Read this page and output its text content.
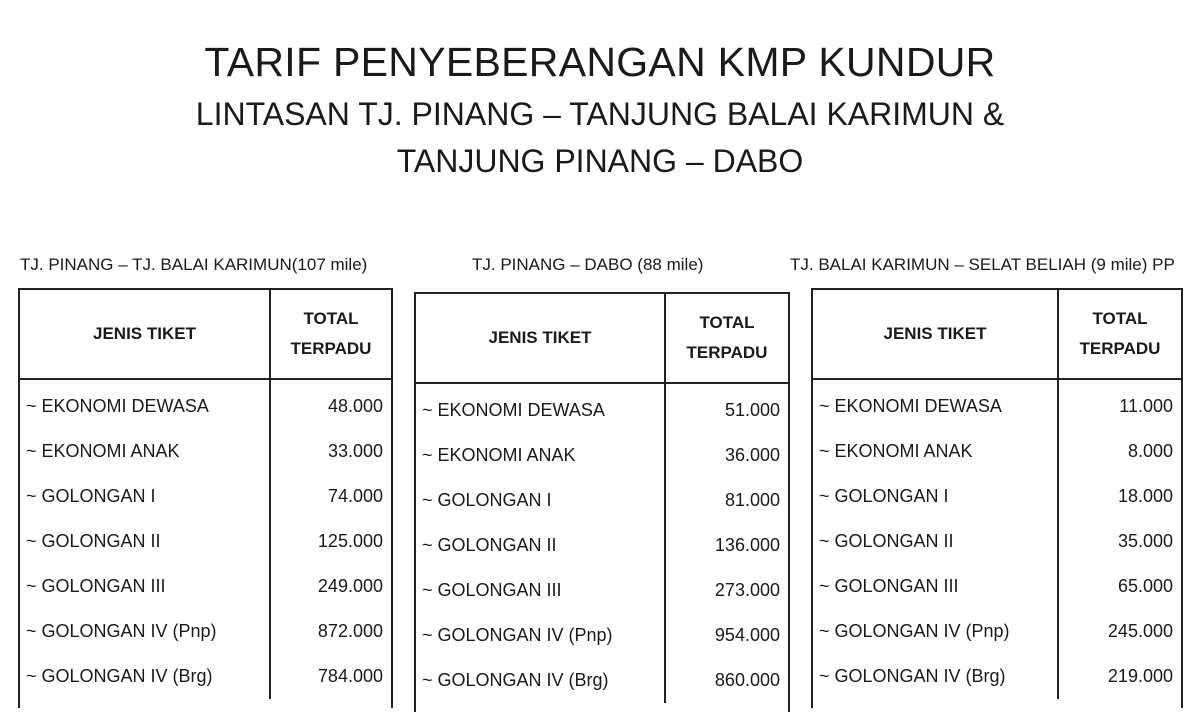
TARIF PENYEBERANGAN KMP KUNDUR
LINTASAN TJ. PINANG – TANJUNG BALAI KARIMUN &
TANJUNG PINANG – DABO
TJ. PINANG – TJ. BALAI KARIMUN(107 mile)
JENIS TIKET	TOTAL
TERPADU
~ EKONOMI DEWASA	48.000
~ EKONOMI ANAK	33.000
~ GOLONGAN I	74.000
~ GOLONGAN II	125.000
~ GOLONGAN III	249.000
~ GOLONGAN IV (Pnp)	872.000
~ GOLONGAN IV (Brg)	784.000
TJ. PINANG – DABO (88 mile)
JENIS TIKET	TOTAL
TERPADU
~ EKONOMI DEWASA	51.000
~ EKONOMI ANAK	36.000
~ GOLONGAN I	81.000
~ GOLONGAN II	136.000
~ GOLONGAN III	273.000
~ GOLONGAN IV (Pnp)	954.000
~ GOLONGAN IV (Brg)	860.000
TJ. BALAI KARIMUN – SELAT BELIAH (9 mile) PP
JENIS TIKET	TOTAL
TERPADU
~ EKONOMI DEWASA	11.000
~ EKONOMI ANAK	8.000
~ GOLONGAN I	18.000
~ GOLONGAN II	35.000
~ GOLONGAN III	65.000
~ GOLONGAN IV (Pnp)	245.000
~ GOLONGAN IV (Brg)	219.000
